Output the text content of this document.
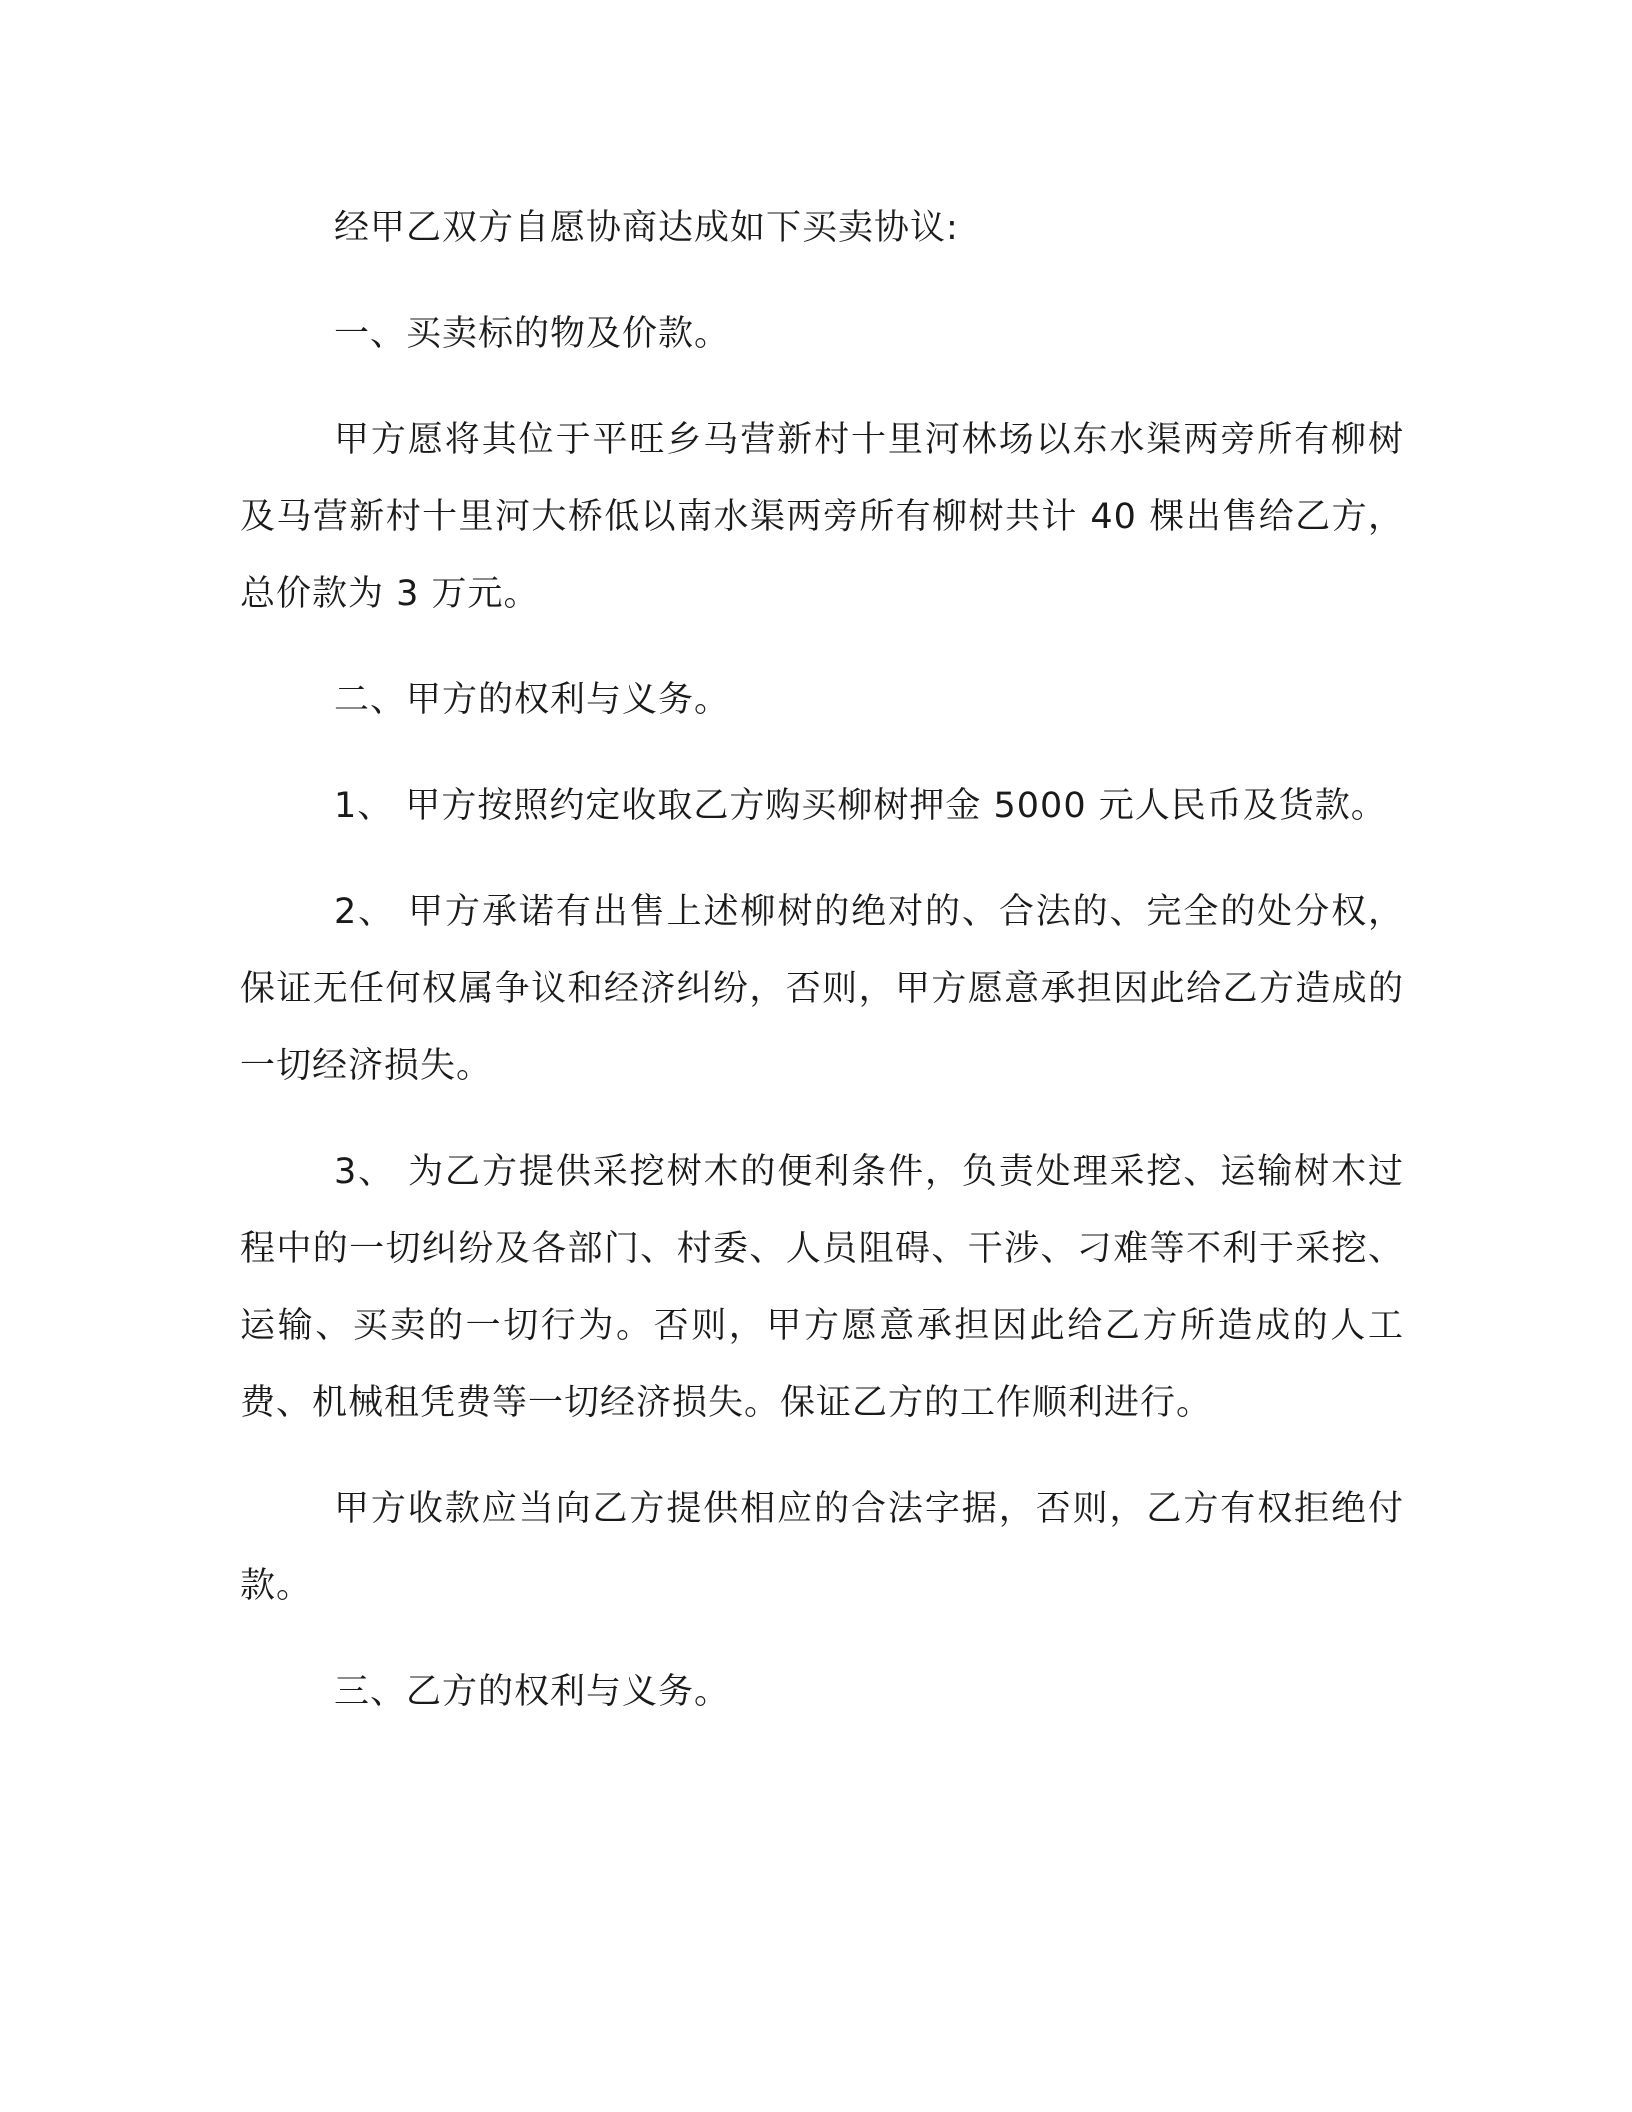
经甲乙双方自愿协商达成如下买卖协议:

一、买卖标的物及价款。

甲方愿将其位于平旺乡马营新村十里河林场以东水渠两旁所有柳树及马营新村十里河大桥低以南水渠两旁所有柳树共计 40 棵出售给乙方，总价款为 3 万元。

二、甲方的权利与义务。

1、 甲方按照约定收取乙方购买柳树押金 5000 元人民币及货款。

2、 甲方承诺有出售上述柳树的绝对的、合法的、完全的处分权，保证无任何权属争议和经济纠纷，否则，甲方愿意承担因此给乙方造成的一切经济损失。

3、 为乙方提供采挖树木的便利条件，负责处理采挖、运输树木过程中的一切纠纷及各部门、村委、人员阻碍、干涉、刁难等不利于采挖、运输、买卖的一切行为。否则，甲方愿意承担因此给乙方所造成的人工费、机械租凭费等一切经济损失。保证乙方的工作顺利进行。

甲方收款应当向乙方提供相应的合法字据，否则，乙方有权拒绝付款。

三、乙方的权利与义务。
